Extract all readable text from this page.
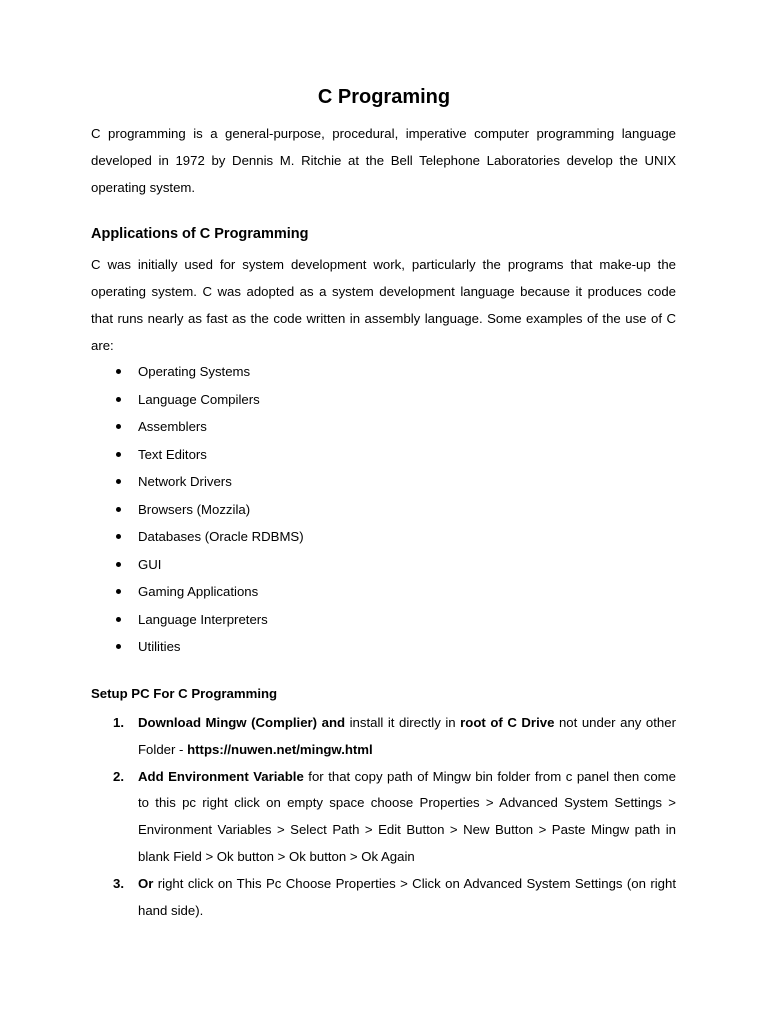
C Programing

C programming is a general-purpose, procedural, imperative computer programming language developed in 1972 by Dennis M. Ritchie at the Bell Telephone Laboratories develop the UNIX operating system.

Applications of C Programming

C was initially used for system development work, particularly the programs that make-up the operating system. C was adopted as a system development language because it produces code that runs nearly as fast as the code written in assembly language. Some examples of the use of C are:

Operating Systems
Language Compilers
Assemblers
Text Editors
Network Drivers
Browsers (Mozzila)
Databases (Oracle RDBMS)
GUI
Gaming Applications
Language Interpreters
Utilities
Setup PC For C Programming
1. Download Mingw (Complier) and install it directly in root of C Drive not under any other Folder - https://nuwen.net/mingw.html
2. Add Environment Variable for that copy path of Mingw bin folder from c panel then come to this pc right click on empty space choose Properties > Advanced System Settings > Environment Variables > Select Path > Edit Button > New Button > Paste Mingw path in blank Field > Ok button > Ok button > Ok Again
3. Or right click on This Pc Choose Properties > Click on Advanced System Settings (on right hand side).
